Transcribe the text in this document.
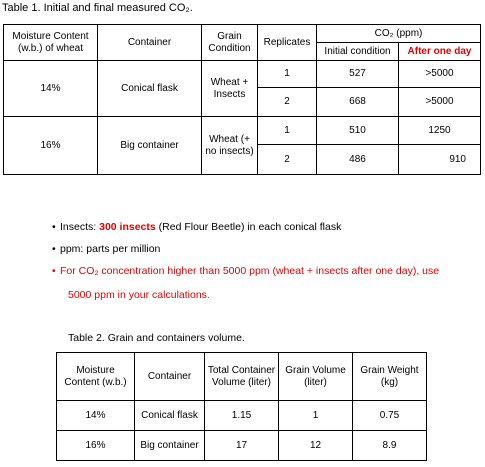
Table 1. Initial and final measured CO₂.
Moisture Content (w.b.) of wheat	Container	Grain Condition	Replicates	CO₂ (ppm)	
				Initial condition	After one day
14%	Conical flask	Wheat + Insects	1	527	>5000
			2	668	>5000
16%	Big container	Wheat (+ no insects)	1	510	1250
			2	486	910
• Insects: 300 insects (Red Flour Beetle) in each conical flask
• ppm: parts per million
• For CO₂ concentration higher than 5000 ppm (wheat + insects after one day), use
5000 ppm in your calculations.
Table 2. Grain and containers volume.
Moisture Content (w.b.)	Container	Total Container Volume (liter)	Grain Volume (liter)	Grain Weight (kg)
14%	Conical flask	1.15	1	0.75
16%	Big container	17	12	8.9
